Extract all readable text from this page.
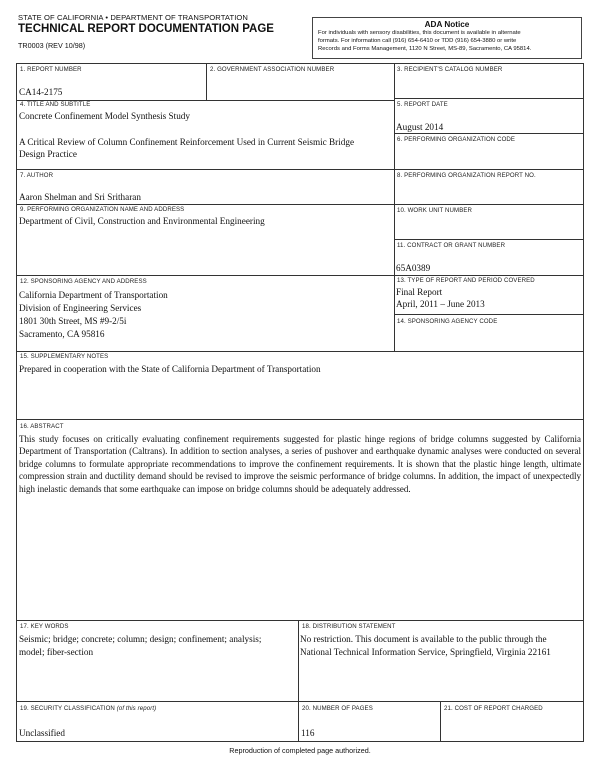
STATE OF CALIFORNIA • DEPARTMENT OF TRANSPORTATION
TECHNICAL REPORT DOCUMENTATION PAGE
TR0003 (REV 10/98)
ADA Notice
For individuals with sensory disabilities, this document is available in alternate
formats. For information call (916) 654-6410 or TDD (916) 654-3880 or write
Records and Forms Management, 1120 N Street, MS-89, Sacramento, CA 95814.
1. REPORT NUMBER
CA14-2175
2. GOVERNMENT ASSOCIATION NUMBER	3. RECIPIENT'S CATALOG NUMBER
4. TITLE AND SUBTITLE
Concrete Confinement Model Synthesis Study
A Critical Review of Column Confinement Reinforcement Used in Current Seismic Bridge
Design Practice
5. REPORT DATE
August 2014
6. PERFORMING ORGANIZATION CODE
7. AUTHOR
Aaron Shelman and Sri Sritharan
8. PERFORMING ORGANIZATION REPORT NO.
9. PERFORMING ORGANIZATION NAME AND ADDRESS
Department of Civil, Construction and Environmental Engineering
10. WORK UNIT NUMBER
11. CONTRACT OR GRANT NUMBER
65A0389
12. SPONSORING AGENCY AND ADDRESS
California Department of Transportation
Division of Engineering Services
1801 30th Street, MS #9-2/5i
Sacramento, CA 95816
13. TYPE OF REPORT AND PERIOD COVERED
Final Report
April, 2011 – June 2013
14. SPONSORING AGENCY CODE
15. SUPPLEMENTARY NOTES
Prepared in cooperation with the State of California Department of Transportation
16. ABSTRACT
This study focuses on critically evaluating confinement requirements suggested for plastic hinge regions of bridge columns suggested by California Department of Transportation (Caltrans). In addition to section analyses, a series of pushover and earthquake dynamic analyses were conducted on several bridge columns to formulate appropriate recommendations to improve the confinement requirements. It is shown that the plastic hinge length, ultimate compression strain and ductility demand should be revised to improve the seismic performance of bridge columns. In addition, the impact of unexpectedly high inelastic demands that some earthquake can impose on bridge columns should be adequately addressed.
17. KEY WORDS
Seismic; bridge; concrete; column; design; confinement; analysis;
model; fiber-section
18. DISTRIBUTION STATEMENT
No restriction. This document is available to the public through the
National Technical Information Service, Springfield, Virginia 22161
19. SECURITY CLASSIFICATION (of this report)
Unclassified
20. NUMBER OF PAGES
116
21. COST OF REPORT CHARGED
Reproduction of completed page authorized.
